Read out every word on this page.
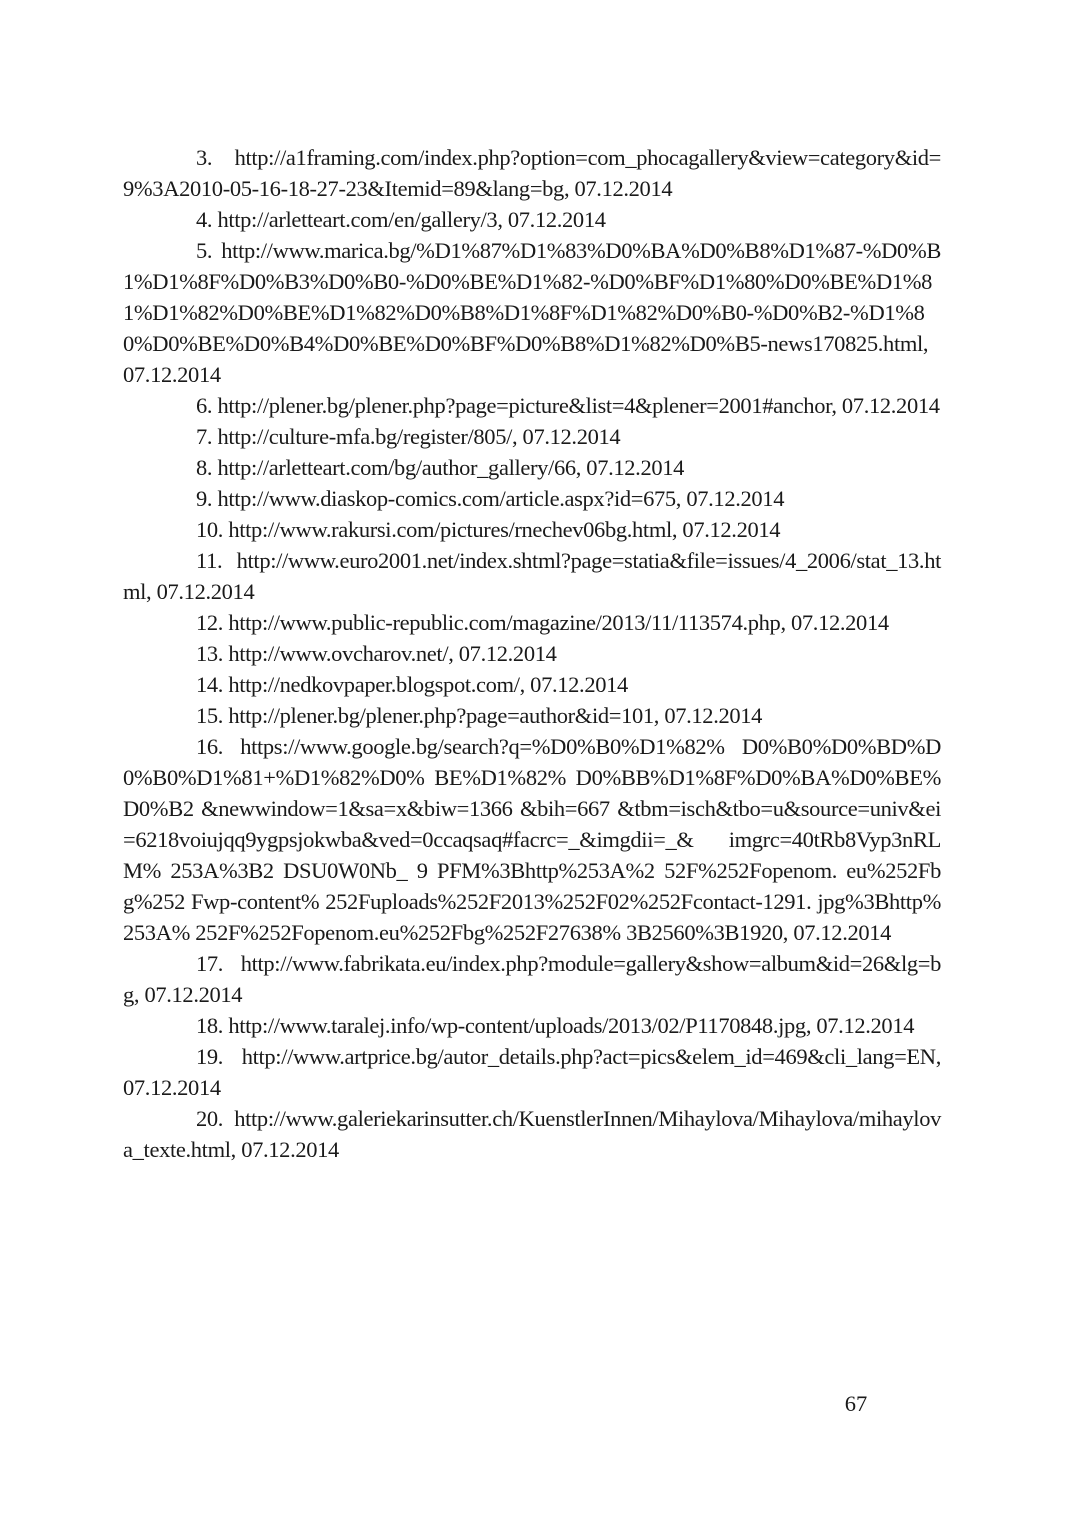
3. http://a1framing.com/index.php?option=com_phocagallery&view=category&id=9%3A2010-05-16-18-27-23&Itemid=89&lang=bg, 07.12.2014

4. http://arletteart.com/en/gallery/3, 07.12.2014

5. http://www.marica.bg/%D1%87%D1%83%D0%BA%D0%B8%D1%87-%D0%B1%D1%8F%D0%B3%D0%B0-%D0%BE%D1%82-%D0%BF%D1%80%D0%BE%D1%81%D1%82%D0%BE%D1%82%D0%B8%D1%8F%D1%82%D0%B0-%D0%B2-%D1%80%D0%BE%D0%B4%D0%BE%D0%BF%D0%B8%D1%82%D0%B5-news170825.html, 07.12.2014

6. http://plener.bg/plener.php?page=picture&list=4&plener=2001#anchor, 07.12.2014

7. http://culture-mfa.bg/register/805/, 07.12.2014

8. http://arletteart.com/bg/author_gallery/66, 07.12.2014

9. http://www.diaskop-comics.com/article.aspx?id=675, 07.12.2014

10. http://www.rakursi.com/pictures/rnechev06bg.html, 07.12.2014

11. http://www.euro2001.net/index.shtml?page=statia&file=issues/4_2006/stat_13.html, 07.12.2014

12. http://www.public-republic.com/magazine/2013/11/113574.php, 07.12.2014

13. http://www.ovcharov.net/, 07.12.2014

14. http://nedkovpaper.blogspot.com/, 07.12.2014

15. http://plener.bg/plener.php?page=author&id=101, 07.12.2014

16. https://www.google.bg/search?q=%D0%B0%D1%82% D0%B0%D0%BD%D0%B0%D1%81+%D1%82%D0% BE%D1%82% D0%BB%D1%8F%D0%BA%D0%BE%D0%B2 &newwindow=1&sa=x&biw=1366 &bih=667 &tbm=isch&tbo=u&source=univ&ei=6218voiujqq9ygpsjokwba&ved=0ccaqsaq#facrc=_&imgdii=_& imgrc=40tRb8Vyp3nRLM% 253A%3B2 DSU0W0Nb_ 9 PFM%3Bhttp%253A%2 52F%252Fopenom. eu%252Fbg%252 Fwp-content% 252Fuploads%252F2013%252F02%252Fcontact-1291. jpg%3Bhttp%253A% 252F%252Fopenom.eu%252Fbg%252F27638% 3B2560%3B1920, 07.12.2014

17. http://www.fabrikata.eu/index.php?module=gallery&show=album&id=26&lg=bg, 07.12.2014

18. http://www.taralej.info/wp-content/uploads/2013/02/P1170848.jpg, 07.12.2014

19. http://www.artprice.bg/autor_details.php?act=pics&elem_id=469&cli_lang=EN, 07.12.2014

20. http://www.galeriekarinsutter.ch/KuenstlerInnen/Mihaylova/Mihaylova/mihaylova_texte.html, 07.12.2014

67
